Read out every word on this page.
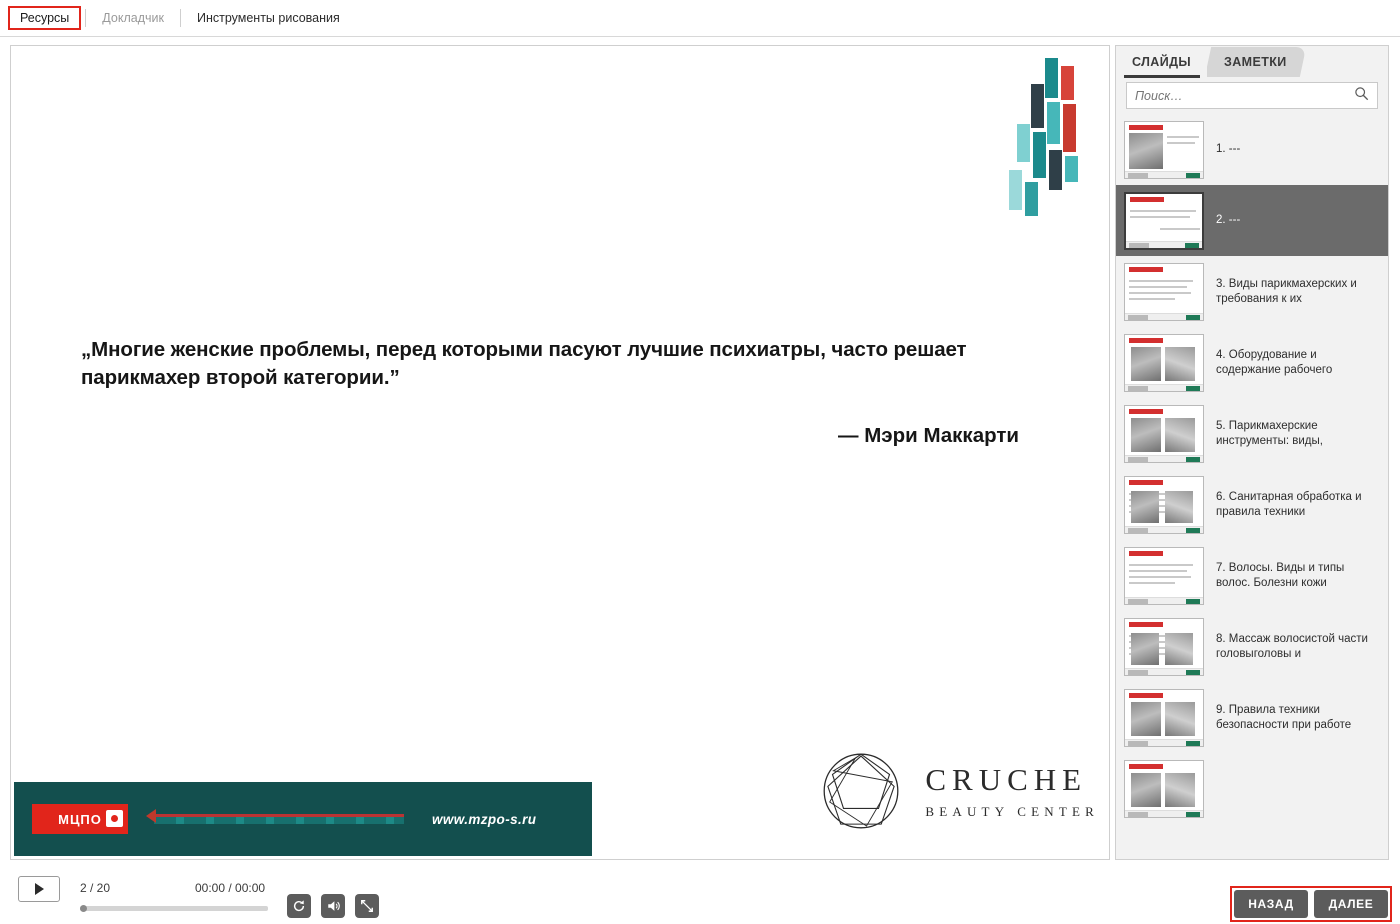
Ресурсы	Докладчик	Инструменты рисования
„Многие женские проблемы, перед которыми пасуют лучшие психиатры, часто решает парикмахер второй категории.”
— Мэри Маккарти
МЦПО	www.mzpo-s.ru
CRUCHE
BEAUTY CENTER
ЗАМЕТКИ
СЛАЙДЫ
Поиск…
1. ---
2. ---
3. Виды парикмахерских и требования к их
4. Оборудование и содержание рабочего
5. Парикмахерские инструменты: виды,
6. Санитарная обработка и правила техники
7. Волосы. Виды и типы волос. Болезни кожи
8. Массаж волосистой части головыголовы и
9. Правила техники безопасности при работе
2 / 20	00:00 / 00:00
НАЗАД	ДАЛЕЕ
